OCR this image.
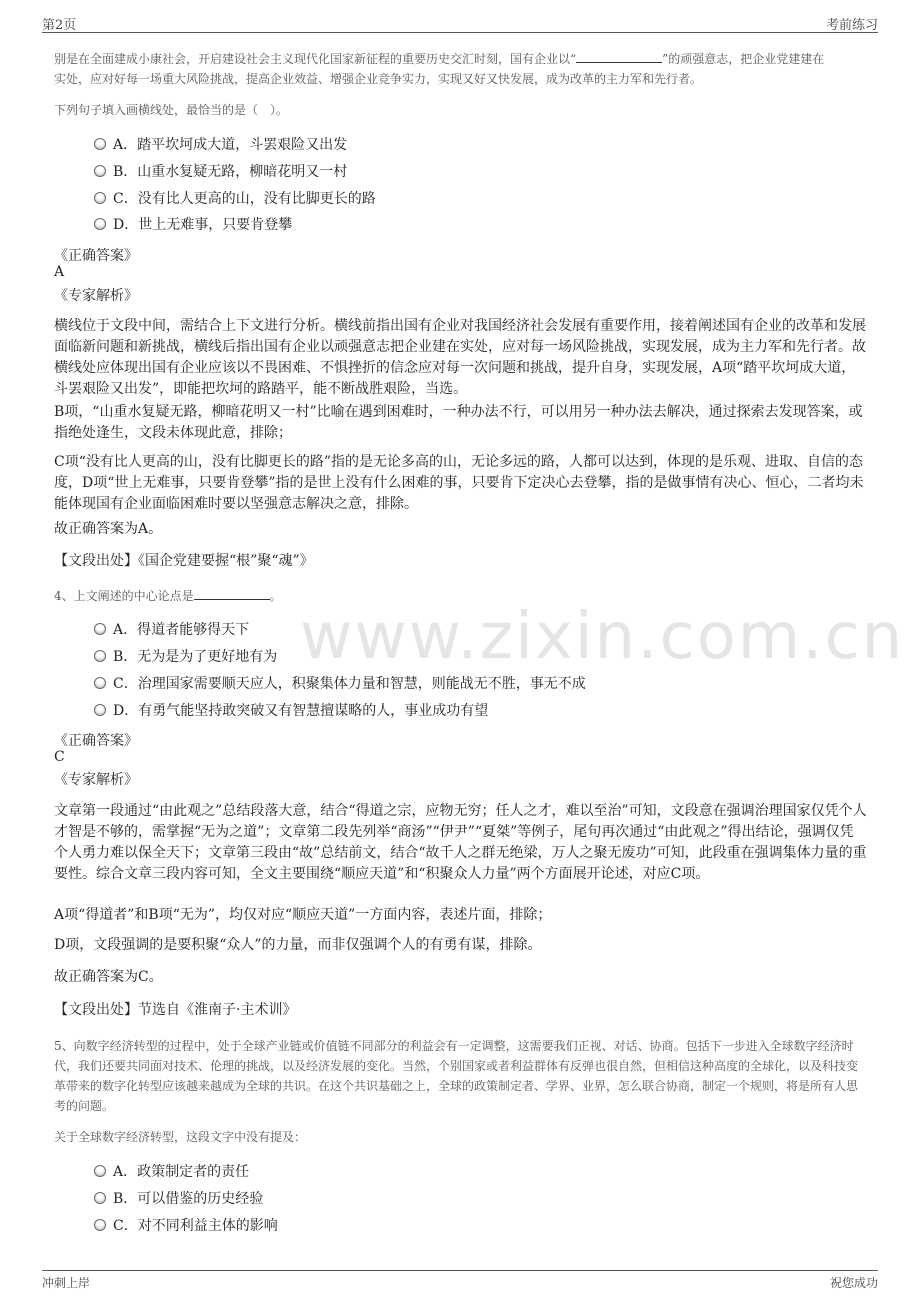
第2页	考前练习
www.zixin.com.cn
别是在全面建成小康社会，开启建设社会主义现代化国家新征程的重要历史交汇时刻，国有企业以“	”的顽强意志，把企业党建建在
实处，应对好每一场重大风险挑战，提高企业效益、增强企业竞争实力，实现又好又快发展，成为改革的主力军和先行者。
下列句子填入画横线处，最恰当的是（　）。
A．踏平坎坷成大道，斗罢艰险又出发
B．山重水复疑无路，柳暗花明又一村
C．没有比人更高的山，没有比脚更长的路
D．世上无难事，只要肯登攀
《正确答案》
A
《专家解析》
横线位于文段中间，需结合上下文进行分析。横线前指出国有企业对我国经济社会发展有重要作用，接着阐述国有企业的改革和发展面临新问题和新挑战，横线后指出国有企业以顽强意志把企业建在实处，应对每一场风险挑战，实现发展，成为主力军和先行者。故横线处应体现出国有企业应该以不畏困难、不惧挫折的信念应对每一次问题和挑战，提升自身，实现发展，A项“踏平坎坷成大道，斗罢艰险又出发”，即能把坎坷的路踏平，能不断战胜艰险，当选。
B项，“山重水复疑无路，柳暗花明又一村”比喻在遇到困难时，一种办法不行，可以用另一种办法去解决，通过探索去发现答案，或指绝处逢生，文段未体现此意，排除；
C项“没有比人更高的山，没有比脚更长的路”指的是无论多高的山，无论多远的路，人都可以达到，体现的是乐观、进取、自信的态度，D项“世上无难事，只要肯登攀”指的是世上没有什么困难的事，只要肯下定决心去登攀，指的是做事情有决心、恒心，二者均未能体现国有企业面临困难时要以坚强意志解决之意，排除。
故正确答案为A。
【文段出处】《国企党建要握“根”聚“魂”》
4、上文阐述的中心论点是	。
A．得道者能够得天下
B．无为是为了更好地有为
C．治理国家需要顺天应人，积聚集体力量和智慧，则能战无不胜，事无不成
D．有勇气能坚持敢突破又有智慧擅谋略的人，事业成功有望
《正确答案》
C
《专家解析》
文章第一段通过“由此观之”总结段落大意，结合“得道之宗，应物无穷；任人之才，难以至治”可知，文段意在强调治理国家仅凭个人才智是不够的，需掌握“无为之道”；文章第二段先列举“商汤”“伊尹”“夏桀”等例子，尾句再次通过“由此观之”得出结论，强调仅凭个人勇力难以保全天下；文章第三段由“故”总结前文，结合“故千人之群无绝梁，万人之聚无废功”可知，此段重在强调集体力量的重要性。综合文章三段内容可知，全文主要围绕“顺应天道”和“积聚众人力量”两个方面展开论述，对应C项。
A项“得道者”和B项“无为”，均仅对应“顺应天道”一方面内容，表述片面，排除；
D项，文段强调的是要积聚“众人”的力量，而非仅强调个人的有勇有谋，排除。
故正确答案为C。
【文段出处】节选自《淮南子·主术训》
5、向数字经济转型的过程中，处于全球产业链或价值链不同部分的利益会有一定调整，这需要我们正视、对话、协商。包括下一步进入全球数字经济时代，我们还要共同面对技术、伦理的挑战，以及经济发展的变化。当然，个别国家或者利益群体有反弹也很自然，但相信这种高度的全球化，以及科技变革带来的数字化转型应该越来越成为全球的共识。在这个共识基础之上，全球的政策制定者、学界、业界，怎么联合协商，制定一个规则，将是所有人思考的问题。
关于全球数字经济转型，这段文字中没有提及：
A．政策制定者的责任
B．可以借鉴的历史经验
C．对不同利益主体的影响
冲刺上岸	祝您成功
